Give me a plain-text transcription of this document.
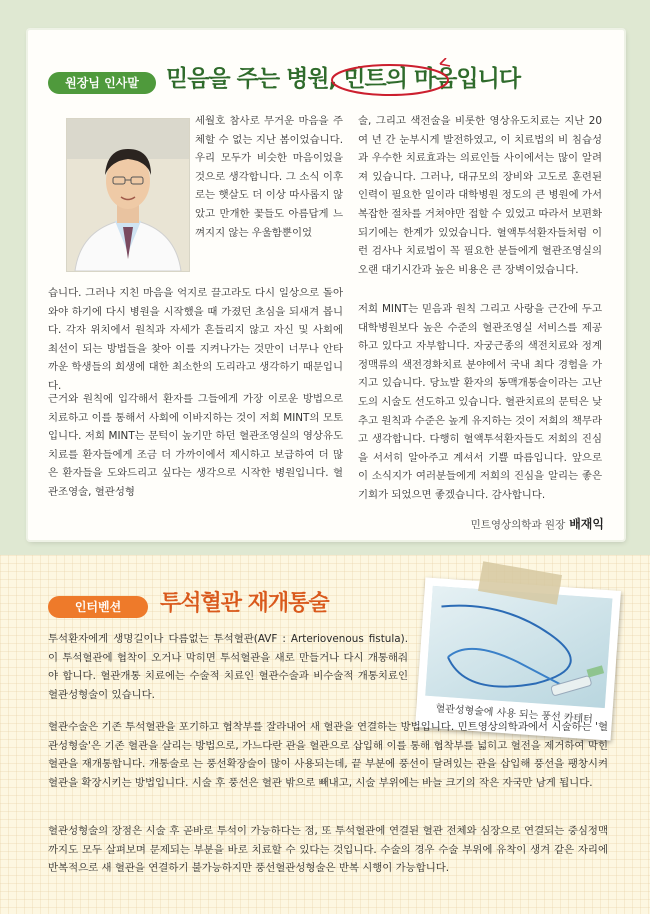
원장님 인사말	믿음을 주는 병원, 민트의 마음입니다

세월호 참사로 무거운 마음을 주체할 수 없는 지난 봄이었습니다. 우리 모두가 비슷한 마음이었을 것으로 생각합니다. 그 소식 이후로는 햇살도 더 이상 따사롭지 않았고 만개한 꽃들도 아름답게 느껴지지 않는 우울함뿐이었

습니다. 그러나 지친 마음을 억지로 끌고라도 다시 일상으로 돌아와야 하기에 다시 병원을 시작했을 때 가졌던 초심을 되새겨 봅니다. 각자 위치에서 원칙과 자세가 흔들리지 않고 자신 및 사회에 최선이 되는 방법들을 찾아 이를 지켜나가는 것만이 너무나 안타까운 학생들의 희생에 대한 최소한의 도리라고 생각하기 때문입니다.

근거와 원칙에 입각해서 환자를 그들에게 가장 이로운 방법으로 치료하고 이를 통해서 사회에 이바지하는 것이 저희 MINT의 모토입니다. 저희 MINT는 문턱이 높기만 하던 혈관조영실의 영상유도치료를 환자들에게 조금 더 가까이에서 제시하고 보급하여 더 많은 환자들을 도와드리고 싶다는 생각으로 시작한 병원입니다. 혈관조영술, 혈관성형

술, 그리고 색전술을 비롯한 영상유도치료는 지난 20여 년 간 눈부시게 발전하였고, 이 치료법의 비 침습성과 우수한 치료효과는 의료인들 사이에서는 많이 알려져 있습니다. 그러나, 대규모의 장비와 고도로 훈련된 인력이 필요한 일이라 대학병원 정도의 큰 병원에 가서 복잡한 절차를 거쳐야만 접할 수 있었고 따라서 보편화되기에는 한계가 있었습니다. 혈액투석환자들처럼 이런 검사나 치료법이 꼭 필요한 분들에게 혈관조영실의 오랜 대기시간과 높은 비용은 큰 장벽이었습니다.

저희 MINT는 믿음과 원칙 그리고 사랑을 근간에 두고 대학병원보다 높은 수준의 혈관조영실 서비스를 제공하고 있다고 자부합니다. 자궁근종의 색전치료와 정계정맥류의 색전경화치료 분야에서 국내 최다 경험을 가지고 있습니다. 당뇨발 환자의 동맥개통술이라는 고난도의 시술도 선도하고 있습니다. 혈관치료의 문턱은 낮추고 원칙과 수준은 높게 유지하는 것이 저희의 책무라고 생각합니다. 다행히 혈액투석환자들도 저희의 진심을 서서히 알아주고 계셔서 기쁠 따름입니다. 앞으로 이 소식지가 여러분들에게 저희의 진심을 알리는 좋은 기회가 되었으면 좋겠습니다. 감사합니다.

민트영상의학과 원장 배재익
인터벤션	투석혈관 재개통술
혈관성형술에 사용 되는 풍선 카테터

투석환자에게 생명길이나 다름없는 투석혈관(AVF : Arteriovenous fistula). 이 투석혈관에 협착이 오거나 막히면 투석혈관을 새로 만들거나 다시 개통해줘야 합니다. 혈관개통 치료에는 수술적 치료인 혈관수술과 비수술적 개통치료인 혈관성형술이 있습니다.

혈관수술은 기존 투석혈관을 포기하고 협착부를 잘라내어 새 혈관을 연결하는 방법입니다. 민트영상의학과에서 시술하는 '혈관성형술'은 기존 혈관을 살리는 방법으로, 가느다란 관을 혈관으로 삽입해 이를 통해 협착부를 넓히고 혈전을 제거하여 막힌 혈관을 재개통합니다. 개통술로 는 풍선확장술이 많이 사용되는데, 끝 부분에 풍선이 달려있는 관을 삽입해 풍선을 팽창시켜 혈관을 확장시키는 방법입니다. 시술 후 풍선은 혈관 밖으로 빼내고, 시술 부위에는 바늘 크기의 작은 자국만 남게 됩니다.

혈관성형술의 장점은 시술 후 곧바로 투석이 가능하다는 점, 또 투석혈관에 연결된 혈관 전체와 심장으로 연결되는 중심정맥까지도 모두 살펴보며 문제되는 부분을 바로 치료할 수 있다는 것입니다. 수술의 경우 수술 부위에 유착이 생겨 같은 자리에 반복적으로 새 혈관을 연결하기 불가능하지만 풍선혈관성형술은 반복 시행이 가능합니다.
